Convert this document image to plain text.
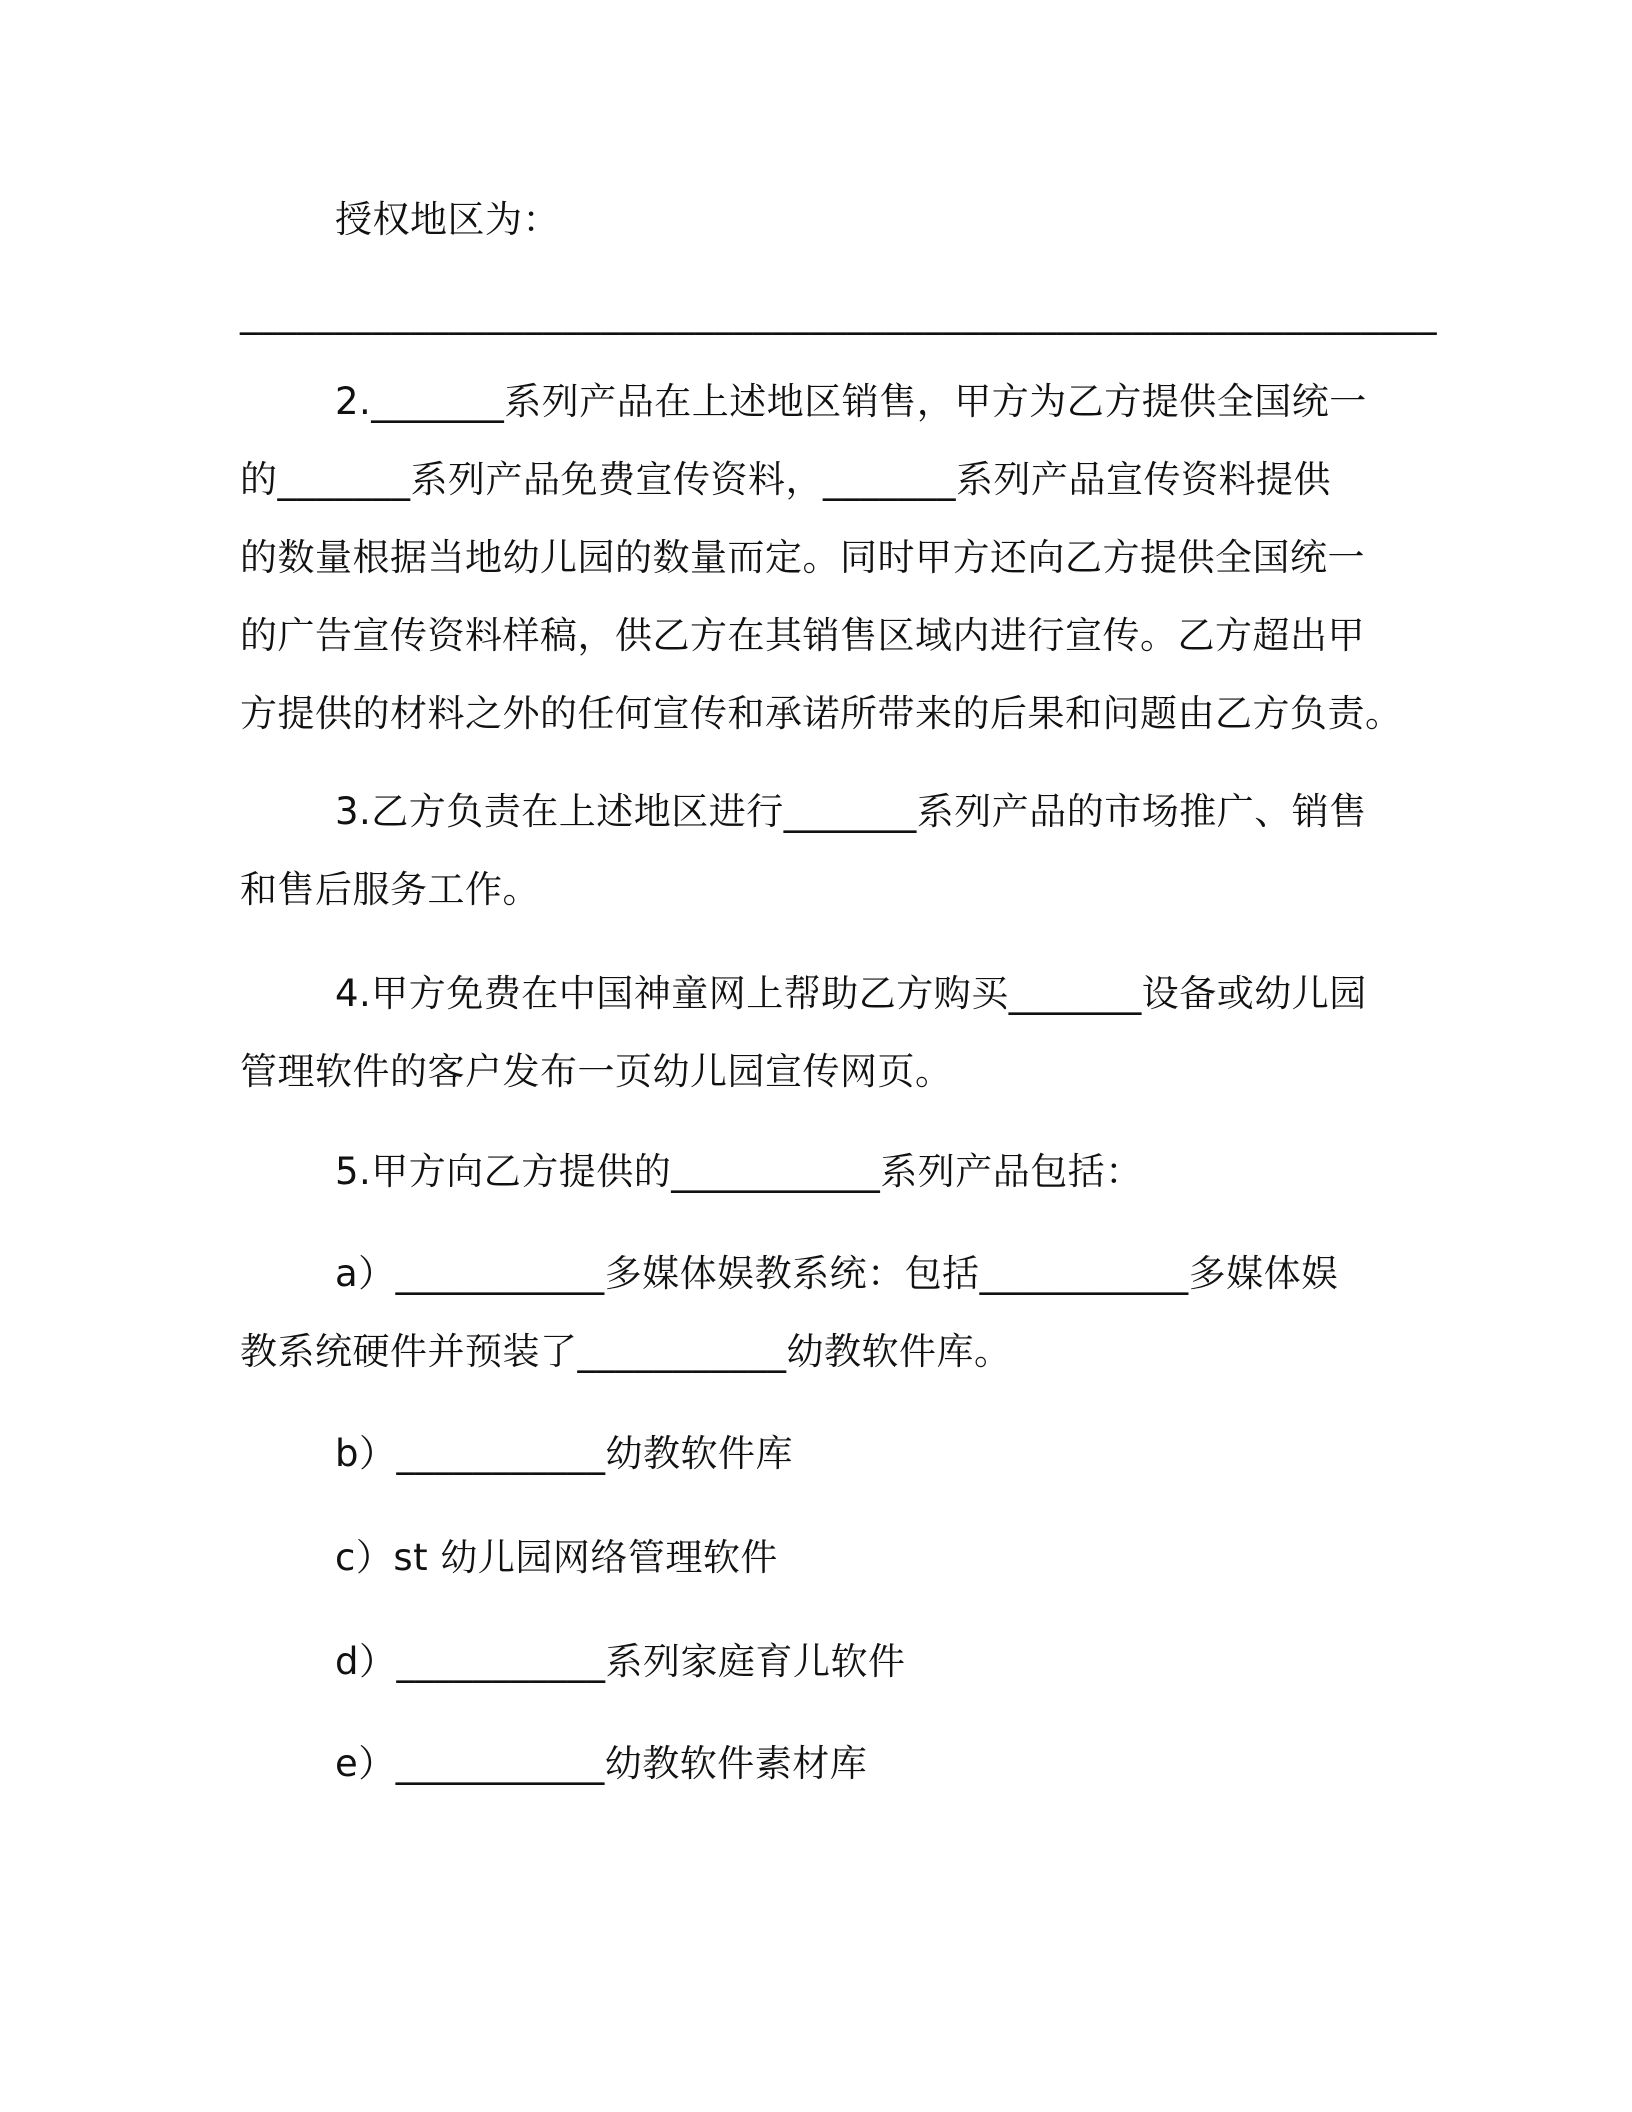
授权地区为：
_______________________________________________________________
2._______系列产品在上述地区销售，甲方为乙方提供全国统一
的_______系列产品免费宣传资料，_______系列产品宣传资料提供
的数量根据当地幼儿园的数量而定。同时甲方还向乙方提供全国统一
的广告宣传资料样稿，供乙方在其销售区域内进行宣传。乙方超出甲
方提供的材料之外的任何宣传和承诺所带来的后果和问题由乙方负责。
3.乙方负责在上述地区进行_______系列产品的市场推广、销售
和售后服务工作。
4.甲方免费在中国神童网上帮助乙方购买_______设备或幼儿园
管理软件的客户发布一页幼儿园宣传网页。
5.甲方向乙方提供的___________系列产品包括：
a）___________多媒体娱教系统：包括___________多媒体娱
教系统硬件并预装了___________幼教软件库。
b）___________幼教软件库
c）st 幼儿园网络管理软件
d）___________系列家庭育儿软件
e）___________幼教软件素材库
